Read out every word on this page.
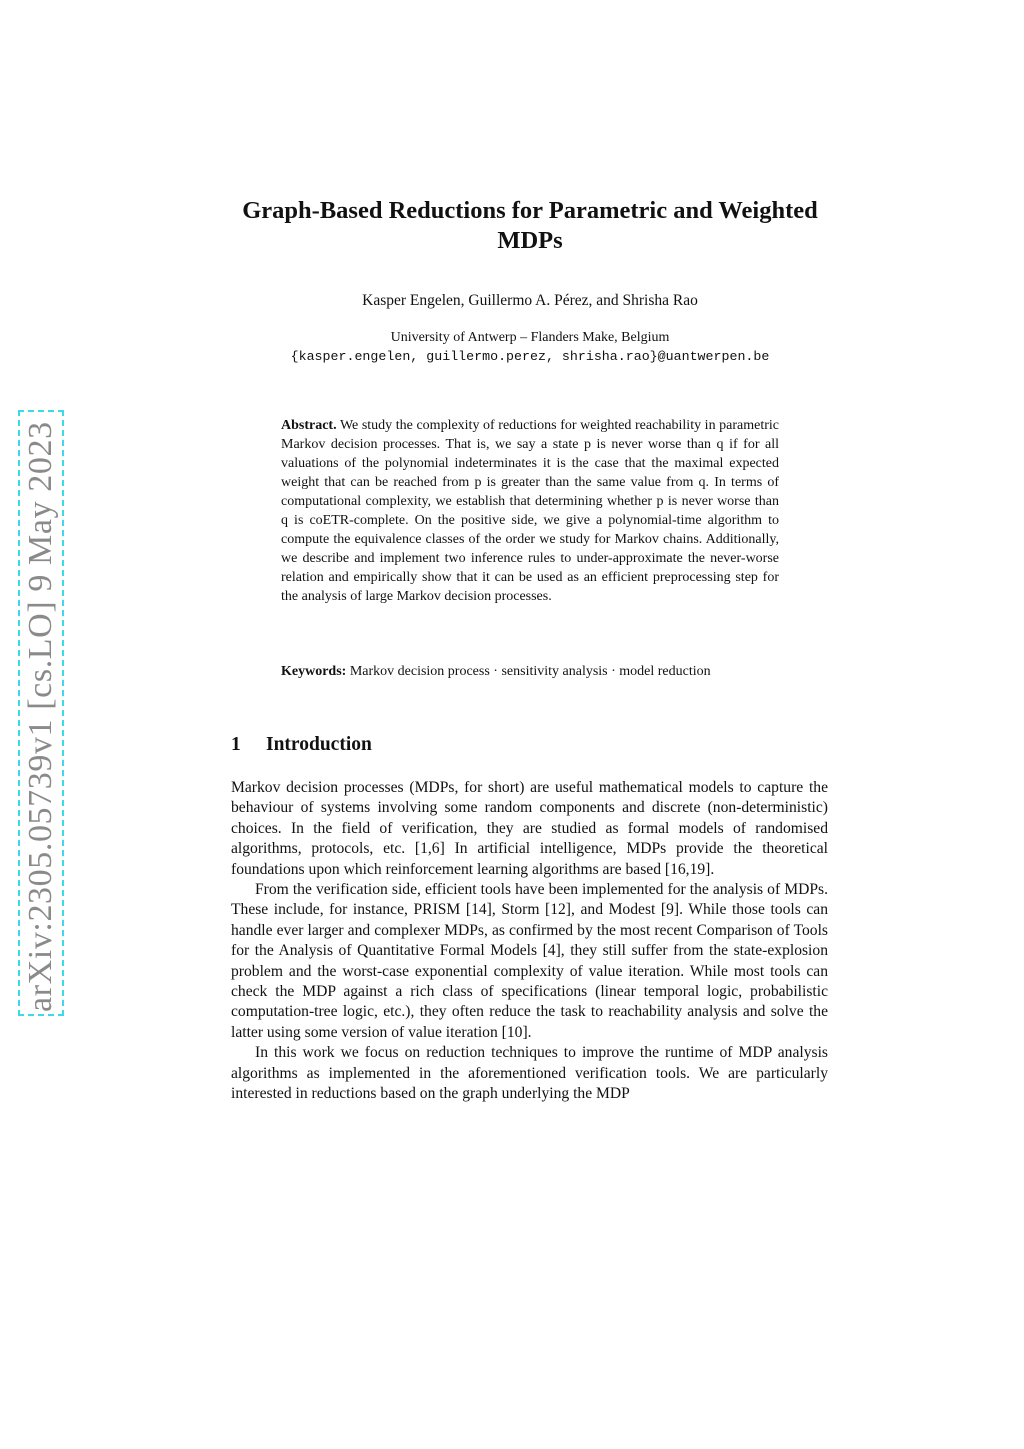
arXiv:2305.05739v1 [cs.LO] 9 May 2023
Graph-Based Reductions for Parametric and Weighted MDPs
Kasper Engelen, Guillermo A. Pérez, and Shrisha Rao
University of Antwerp – Flanders Make, Belgium
{kasper.engelen, guillermo.perez, shrisha.rao}@uantwerpen.be
Abstract. We study the complexity of reductions for weighted reachability in parametric Markov decision processes. That is, we say a state p is never worse than q if for all valuations of the polynomial indeterminates it is the case that the maximal expected weight that can be reached from p is greater than the same value from q. In terms of computational complexity, we establish that determining whether p is never worse than q is coETR-complete. On the positive side, we give a polynomial-time algorithm to compute the equivalence classes of the order we study for Markov chains. Additionally, we describe and implement two inference rules to under-approximate the never-worse relation and empirically show that it can be used as an efficient preprocessing step for the analysis of large Markov decision processes.
Keywords: Markov decision process · sensitivity analysis · model reduction
1 Introduction

Markov decision processes (MDPs, for short) are useful mathematical models to capture the behaviour of systems involving some random components and discrete (non-deterministic) choices. In the field of verification, they are studied as formal models of randomised algorithms, protocols, etc. [1,6] In artificial intelligence, MDPs provide the theoretical foundations upon which reinforcement learning algorithms are based [16,19].

From the verification side, efficient tools have been implemented for the analysis of MDPs. These include, for instance, PRISM [14], Storm [12], and Modest [9]. While those tools can handle ever larger and complexer MDPs, as confirmed by the most recent Comparison of Tools for the Analysis of Quantitative Formal Models [4], they still suffer from the state-explosion problem and the worst-case exponential complexity of value iteration. While most tools can check the MDP against a rich class of specifications (linear temporal logic, probabilistic computation-tree logic, etc.), they often reduce the task to reachability analysis and solve the latter using some version of value iteration [10].

In this work we focus on reduction techniques to improve the runtime of MDP analysis algorithms as implemented in the aforementioned verification tools. We are particularly interested in reductions based on the graph underlying the MDP
